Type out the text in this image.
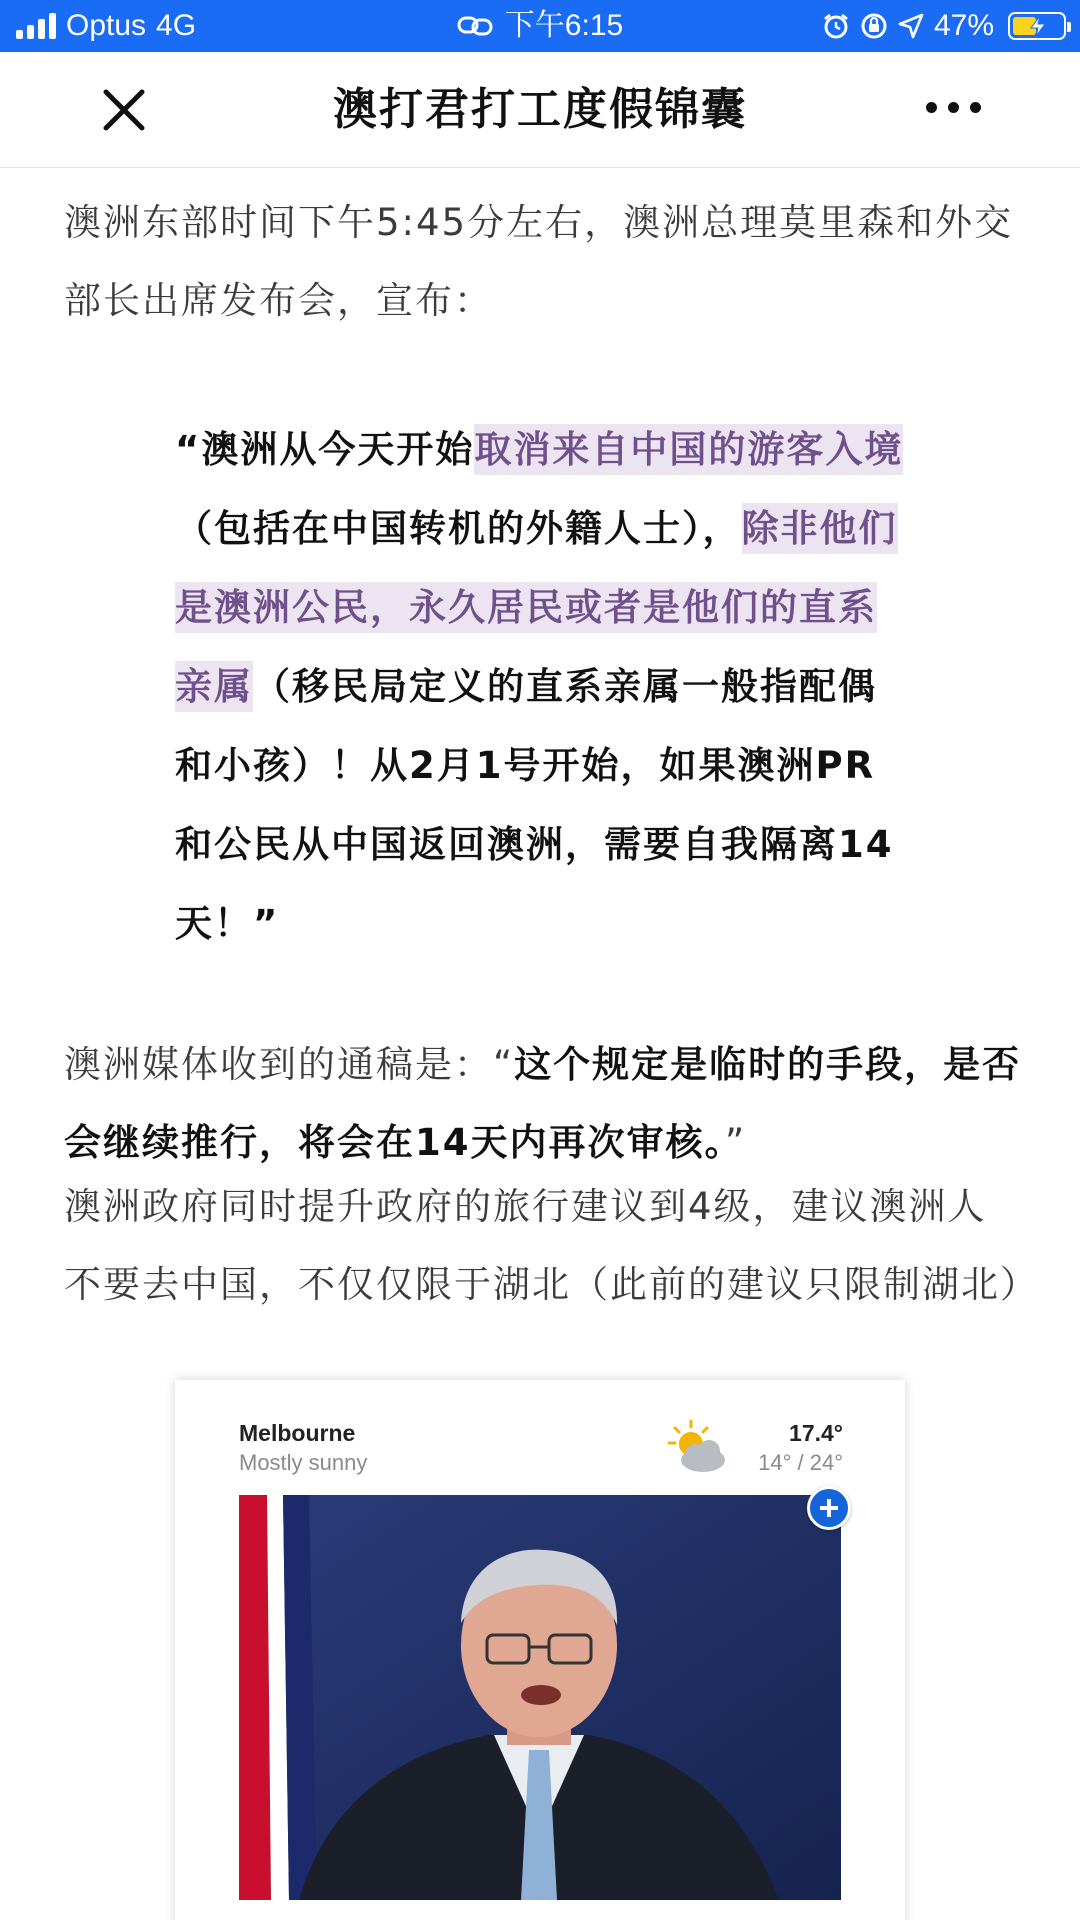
Optus 4G	下午6:15	47%
澳打君打工度假锦囊

澳洲东部时间下午5:45分左右，澳洲总理莫里森和外交部长出席发布会，宣布：

“澳洲从今天开始取消来自中国的游客入境（包括在中国转机的外籍人士），除非他们是澳洲公民，永久居民或者是他们的直系亲属（移民局定义的直系亲属一般指配偶和小孩）！从2月1号开始，如果澳洲PR和公民从中国返回澳洲，需要自我隔离14天！”

澳洲媒体收到的通稿是：“这个规定是临时的手段，是否会继续推行，将会在14天内再次审核。”

澳洲政府同时提升政府的旅行建议到4级，建议澳洲人不要去中国，不仅仅限于湖北（此前的建议只限制湖北）

Melbourne
Mostly sunny
17.4°
14° / 24°
